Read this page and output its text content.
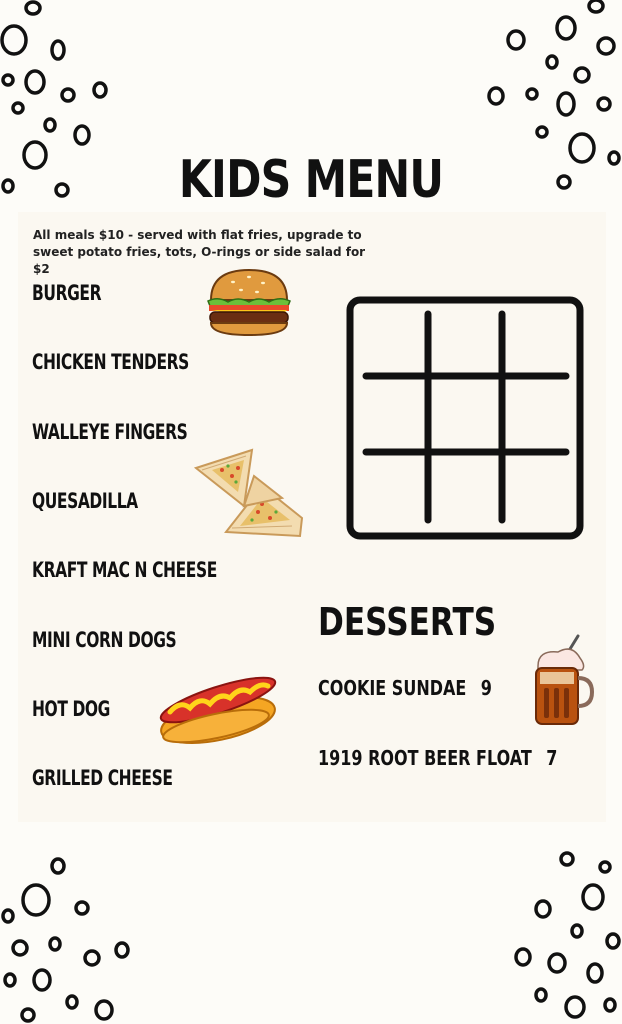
KIDS MENU
All meals $10 - served with flat fries, upgrade to sweet potato fries, tots, O-rings or side salad for $2
BURGER
CHICKEN TENDERS
WALLEYE FINGERS
QUESADILLA
KRAFT MAC N CHEESE
MINI CORN DOGS
HOT DOG
GRILLED CHEESE
DESSERTS
COOKIE SUNDAE 9
1919 ROOT BEER FLOAT 7
